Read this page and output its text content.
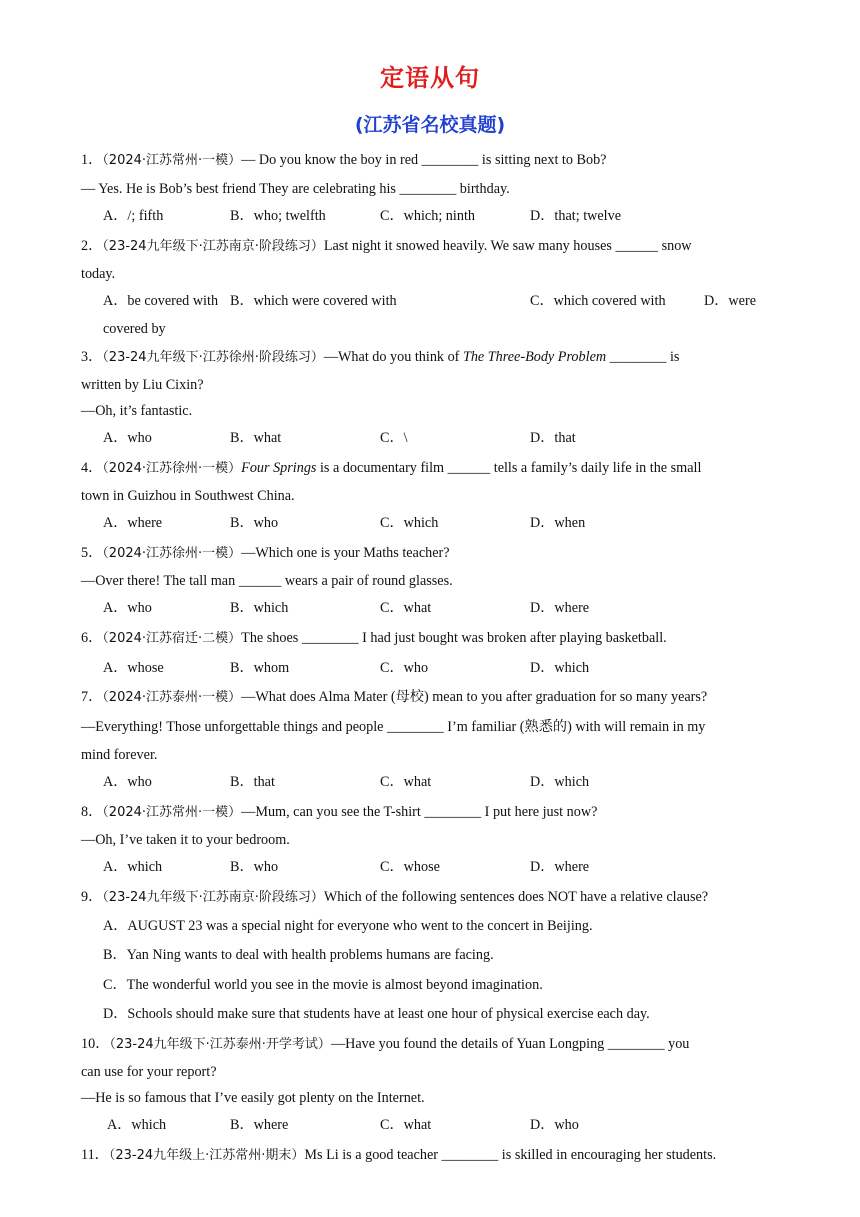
定语从句
(江苏省名校真题)
1．（2024·江苏常州·一模）— Do you know the boy in red ________ is sitting next to Bob?
— Yes. He is Bob’s best friend They are celebrating his ________ birthday.
A．/; fifth	B．who; twelfth	C．which; ninth	D．that; twelve
2．（23-24九年级下·江苏南京·阶段练习）Last night it snowed heavily. We saw many houses ______ snow
today.
A．be covered with B．which were covered with	C．which covered with	D．were
covered by
3．（23-24九年级下·江苏徐州·阶段练习）—What do you think of The Three-Body Problem ________ is
written by Liu Cixin?
—Oh, it’s fantastic.
A．who	B．what	C．\	D．that
4．（2024·江苏徐州·一模）Four Springs is a documentary film ______ tells a family’s daily life in the small
town in Guizhou in Southwest China.
A．where	B．who	C．which	D．when
5．（2024·江苏徐州·一模）—Which one is your Maths teacher?
—Over there! The tall man ______ wears a pair of round glasses.
A．who	B．which	C．what	D．where
6．（2024·江苏宿迁·二模）The shoes ________ I had just bought was broken after playing basketball.
A．whose	B．whom	C．who	D．which
7．（2024·江苏泰州·一模）—What does Alma Mater (母校) mean to you after graduation for so many years?
—Everything! Those unforgettable things and people ________ I’m familiar (熟悉的) with will remain in my
mind forever.
A．who	B．that	C．what	D．which
8．（2024·江苏常州·一模）—Mum, can you see the T-shirt ________ I put here just now?
—Oh, I’ve taken it to your bedroom.
A．which	B．who	C．whose	D．where
9．（23-24九年级下·江苏南京·阶段练习）Which of the following sentences does NOT have a relative clause?
A．AUGUST 23 was a special night for everyone who went to the concert in Beijing.
B．Yan Ning wants to deal with health problems humans are facing.
C．The wonderful world you see in the movie is almost beyond imagination.
D．Schools should make sure that students have at least one hour of physical exercise each day.
10．（23-24九年级下·江苏泰州·开学考试）—Have you found the details of Yuan Longping ________ you
can use for your report?
—He is so famous that I’ve easily got plenty on the Internet.
A．which	B．where	C．what	D．who
11．（23-24九年级上·江苏常州·期末）Ms Li is a good teacher ________ is skilled in encouraging her students.
